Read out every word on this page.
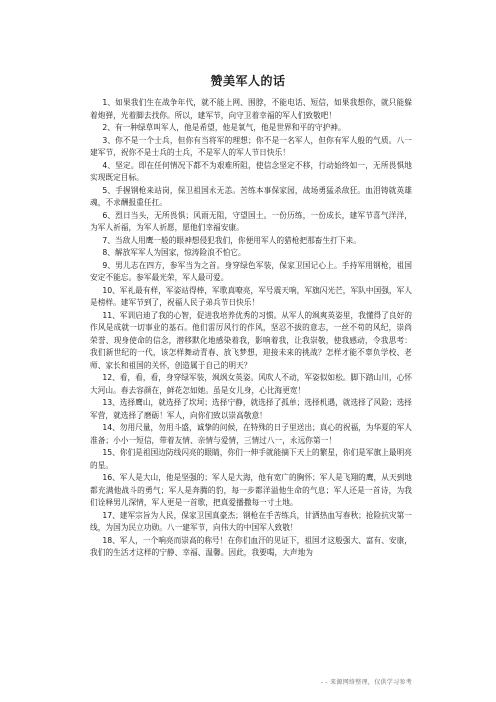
赞美军人的话

1、如果我们生在战争年代，就不能上网、围脖，不能电话、短信，如果我想你，就只能躲着炮弹，光着脚去找你。所以，建军节，向守卫着幸福的军人们致敬吧！

2、有一种绿草叫军人，他是希望，他是氧气，他是世界和平的守护神。

3、你不是一个士兵，但你有当将军的理想；你不是一名军人，但你有军人般的气质。八一建军节，祝你不是士兵的士兵，不是军人的军人节日快乐！

4、坚定。即在任何情况下都不为艰难所阻，使信念坚定不移，行动始终如一，无所畏惧地实现既定目标。

5、手握钢枪来站岗，保卫祖国永无恙。苦练本事保家园，战场勇猛杀敌狂。血泪铸就英雄魂，不求酬报重任扛。

6、烈日当头，无所畏惧；风雨无阻，守望国土。一份历练，一份成长，建军节喜气洋洋，为军人祈福，为军人祈愿，愿他们幸福安康。

7、当敌人用鹰一般的眼神想侵犯我们，你便用军人的猎枪把那畜生打下来。

8、解放军军人为国家，惊涛险浪不怕它。

9、男儿志在四方，参军当为之首。身穿绿色军装，保家卫国记心上。手持军用钢枪，祖国安定不能忘。参军最光荣，军人最可爱。

10、军礼最有样，军姿站得棒，军歌真嘹亮，军号震天响，军旗闪光芒，军队中国强，军人是榜样。建军节到了，祝福人民子弟兵节日快乐！

11、军训启迪了我的心智，促进我培养优秀的习惯。从军人的飒爽英姿里，我懂得了良好的作风是成就一切事业的基石。他们雷厉风行的作风，坚忍不拔的意志，一丝不苟的风纪，崇尚荣誉、现身使命的信念，潜移默化地感染着我，影响着我，让我崇敬，使我感动，令我思考：我们新世纪的一代，该怎样舞动青春、放飞梦想，迎接未来的挑战？怎样才能不辜负学校、老师、家长和祖国的关怀，创造属于自己的明天？

12、看，看，看，身穿绿军装，飒飒女英姿。风吹人不动，军姿似如松。脚下踏山川，心怀大河山。春去容颜在，鲜花怎如她。虽是女儿身，心比海更宽！

13、选择鹰山，就选择了坎坷；选择宁静，就选择了孤单；选择机遇，就选择了风险；选择军营，就选择了磨砺！军人，向你们致以崇高敬意！

14、勿用尺量，勿用斗盛，诚挚的问候，在特殊的日子里送出；真心的祝福，为华夏的军人准备；小小一短信，带着友情、亲情与爱情，三情过八一，永远你第一！

15、你们是祖国边防线闪亮的眼睛，你们一伸手就能摘下天上的繁星，你们是军旗上最明亮的星。

16、军人是大山，他是坚强的；军人是大海，他有宽广的胸怀；军人是飞翔的鹰，从天到地都充满他战斗的勇气；军人是奔腾的豹，每一步都洋溢他生命的气息；军人还是一首诗，为我们诠释男儿深情，军人更是一首歌，把真爱播撒每一寸土地。

17、建军宗旨为人民，保家卫国真豪杰；钢枪在手苦练兵，甘洒热血写春秋；抢险抗灾第一线，为国为民立功勋。八一建军节，向伟大的中国军人致敬！

18、军人，一个响亮而崇高的称号！在你们血汗的见证下，祖国才这般强大、富有、安康，我们的生活才这样的宁静、幸福、温馨。因此，我要喝，大声地为

- - 来源网络整理，仅供学习参考
